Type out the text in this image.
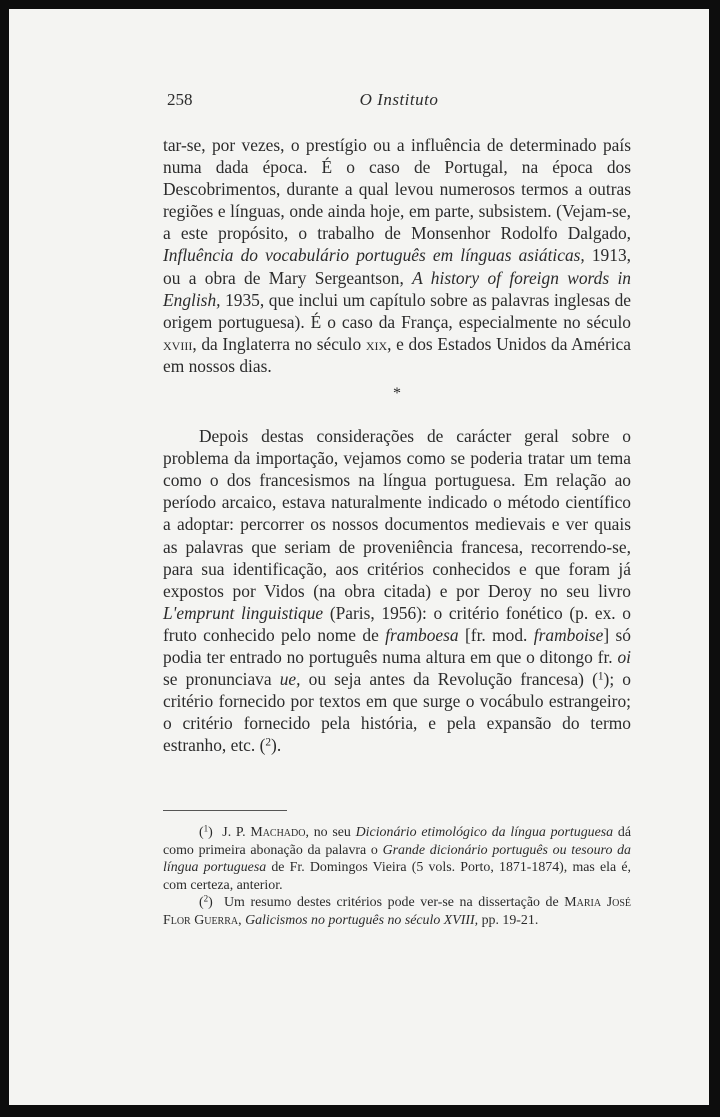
258	O Instituto

tar-se, por vezes, o prestígio ou a influência de determinado país numa dada época. É o caso de Portugal, na época dos Descobrimentos, durante a qual levou numerosos termos a outras regiões e línguas, onde ainda hoje, em parte, subsistem. (Vejam-se, a este propósito, o trabalho de Monsenhor Rodolfo Dalgado, Influência do vocabulário português em línguas asiáticas, 1913, ou a obra de Mary Sergeantson, A history of foreign words in English, 1935, que inclui um capítulo sobre as palavras inglesas de origem portuguesa). É o caso da França, especialmente no século xviii, da Inglaterra no século xix, e dos Estados Unidos da América em nossos dias.

*

Depois destas considerações de carácter geral sobre o problema da importação, vejamos como se poderia tratar um tema como o dos francesismos na língua portuguesa. Em relação ao período arcaico, estava naturalmente indicado o método científico a adoptar: percorrer os nossos documentos medievais e ver quais as palavras que seriam de proveniência francesa, recorrendo-se, para sua identificação, aos critérios conhecidos e que foram já expostos por Vidos (na obra citada) e por Deroy no seu livro L'emprunt linguistique (Paris, 1956): o critério fonético (p. ex. o fruto conhecido pelo nome de framboesa [fr. mod. framboise] só podia ter entrado no português numa altura em que o ditongo fr. oi se pronunciava ue, ou seja antes da Revolução francesa) ($^1$); o critério fornecido por textos em que surge o vocábulo estrangeiro; o critério fornecido pela história, e pela expansão do termo estranho, etc. ($^2$).

($^1$)  J. P. Machado, no seu Dicionário etimológico da língua portuguesa dá como primeira abonação da palavra o Grande dicionário português ou tesouro da língua portuguesa de Fr. Domingos Vieira (5 vols. Porto, 1871-1874), mas ela é, com certeza, anterior.

($^2$)  Um resumo destes critérios pode ver-se na dissertação de Maria José Flor Guerra, Galicismos no português no século XVIII, pp. 19-21.
